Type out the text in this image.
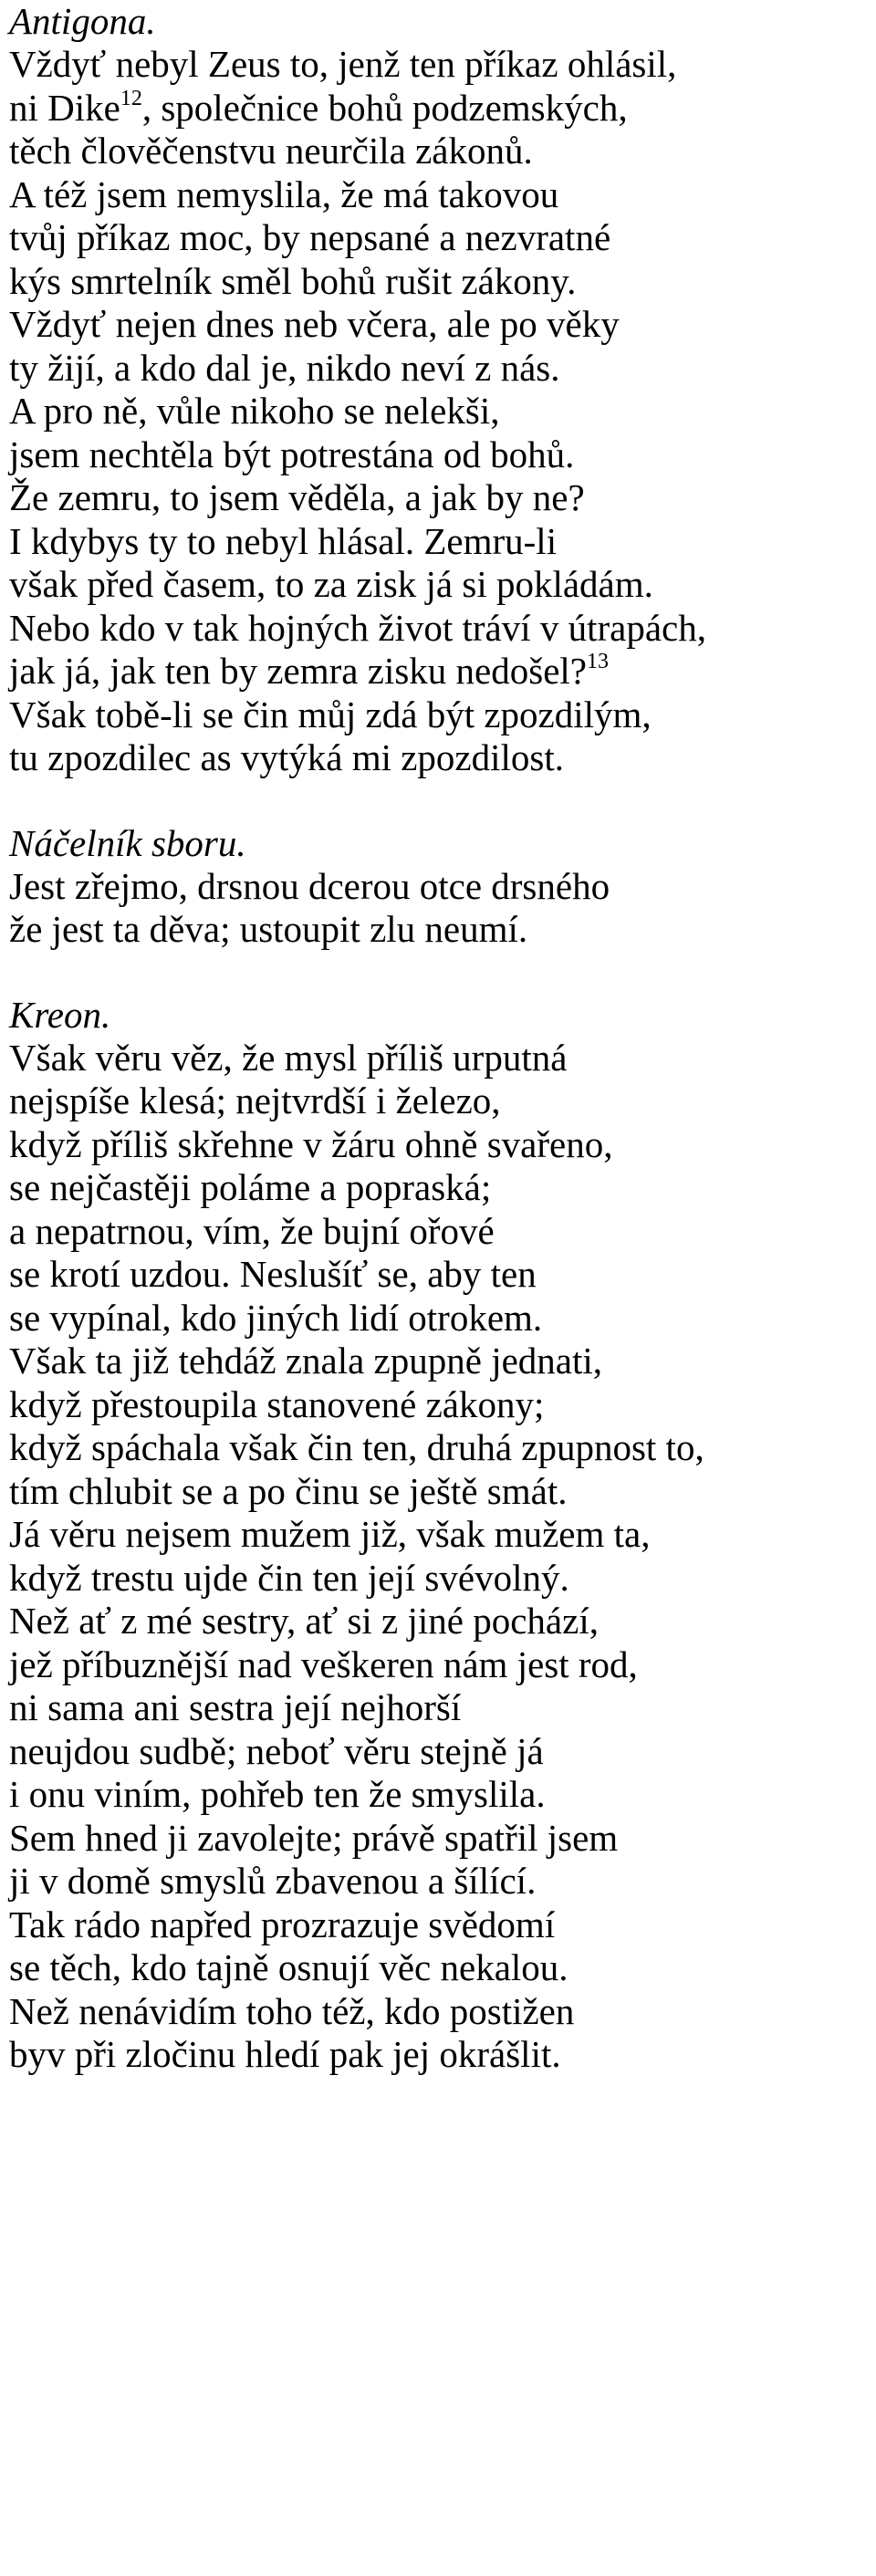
Antigona.
Vždyť nebyl Zeus to, jenž ten příkaz ohlásil,
ni Dike$^{12}$, společnice bohů podzemských,
těch člověčenstvu neurčila zákonů.
A též jsem nemyslila, že má takovou
tvůj příkaz moc, by nepsané a nezvratné
kýs smrtelník směl bohů rušit zákony.
Vždyť nejen dnes neb včera, ale po věky
ty žijí, a kdo dal je, nikdo neví z nás.
A pro ně, vůle nikoho se nelekši,
jsem nechtěla být potrestána od bohů.
Že zemru, to jsem věděla, a jak by ne?
I kdybys ty to nebyl hlásal. Zemru-li
však před časem, to za zisk já si pokládám.
Nebo kdo v tak hojných život tráví v útrapách,
jak já, jak ten by zemra zisku nedošel?$^{13}$
Však tobě-li se čin můj zdá být zpozdilým,
tu zpozdilec as vytýká mi zpozdilost.
Náčelník sboru.
Jest zřejmo, drsnou dcerou otce drsného
že jest ta děva; ustoupit zlu neumí.
Kreon.
Však věru věz, že mysl příliš urputná
nejspíše klesá; nejtvrdší i železo,
když příliš skřehne v žáru ohně svařeno,
se nejčastěji poláme a popraská;
a nepatrnou, vím, že bujní ořové
se krotí uzdou. Neslušíť se, aby ten
se vypínal, kdo jiných lidí otrokem.
Však ta již tehdáž znala zpupně jednati,
když přestoupila stanovené zákony;
když spáchala však čin ten, druhá zpupnost to,
tím chlubit se a po činu se ještě smát.
Já věru nejsem mužem již, však mužem ta,
když trestu ujde čin ten její svévolný.
Než ať z mé sestry, ať si z jiné pochází,
jež příbuznější nad veškeren nám jest rod,
ni sama ani sestra její nejhorší
neujdou sudbě; neboť věru stejně já
i onu viním, pohřeb ten že smyslila.
Sem hned ji zavolejte; právě spatřil jsem
ji v domě smyslů zbavenou a šílící.
Tak rádo napřed prozrazuje svědomí
se těch, kdo tajně osnují věc nekalou.
Než nenávidím toho též, kdo postižen
byv při zločinu hledí pak jej okrášlit.
